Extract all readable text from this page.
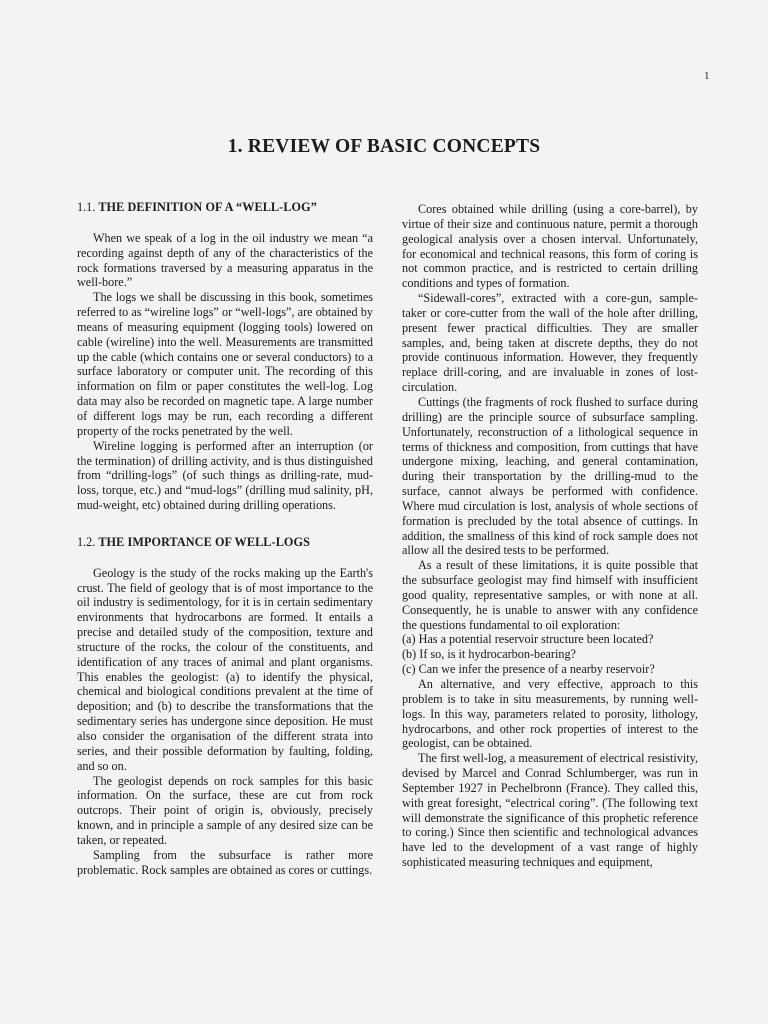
1
1. REVIEW OF BASIC CONCEPTS
1.1. THE DEFINITION OF A “WELL-LOG”

When we speak of a log in the oil industry we mean “a recording against depth of any of the characteristics of the rock formations traversed by a measuring apparatus in the well-bore.”

The logs we shall be discussing in this book, sometimes referred to as “wireline logs” or “well-logs”, are obtained by means of measuring equipment (logging tools) lowered on cable (wireline) into the well. Measurements are transmitted up the cable (which contains one or several conductors) to a surface laboratory or computer unit. The recording of this information on film or paper constitutes the well-log. Log data may also be recorded on magnetic tape. A large number of different logs may be run, each recording a different property of the rocks penetrated by the well.

Wireline logging is performed after an interruption (or the termination) of drilling activity, and is thus distinguished from “drilling-logs” (of such things as drilling-rate, mud-loss, torque, etc.) and “mud-logs” (drilling mud salinity, pH, mud-weight, etc) obtained during drilling operations.

1.2. THE IMPORTANCE OF WELL-LOGS

Geology is the study of the rocks making up the Earth's crust. The field of geology that is of most importance to the oil industry is sedimentology, for it is in certain sedimentary environments that hydrocarbons are formed. It entails a precise and detailed study of the composition, texture and structure of the rocks, the colour of the constituents, and identification of any traces of animal and plant organisms. This enables the geologist: (a) to identify the physical, chemical and biological conditions prevalent at the time of deposition; and (b) to describe the transformations that the sedimentary series has undergone since deposition. He must also consider the organisation of the different strata into series, and their possible deformation by faulting, folding, and so on.

The geologist depends on rock samples for this basic information. On the surface, these are cut from rock outcrops. Their point of origin is, obviously, precisely known, and in principle a sample of any desired size can be taken, or repeated.

Sampling from the subsurface is rather more problematic. Rock samples are obtained as cores or cuttings.

Cores obtained while drilling (using a core-barrel), by virtue of their size and continuous nature, permit a thorough geological analysis over a chosen interval. Unfortunately, for economical and technical reasons, this form of coring is not common practice, and is restricted to certain drilling conditions and types of formation.

“Sidewall-cores”, extracted with a core-gun, sample-taker or core-cutter from the wall of the hole after drilling, present fewer practical difficulties. They are smaller samples, and, being taken at discrete depths, they do not provide continuous information. However, they frequently replace drill-coring, and are invaluable in zones of lost-circulation.

Cuttings (the fragments of rock flushed to surface during drilling) are the principle source of subsurface sampling. Unfortunately, reconstruction of a lithological sequence in terms of thickness and composition, from cuttings that have undergone mixing, leaching, and general contamination, during their transportation by the drilling-mud to the surface, cannot always be performed with confidence. Where mud circulation is lost, analysis of whole sections of formation is precluded by the total absence of cuttings. In addition, the smallness of this kind of rock sample does not allow all the desired tests to be performed.

As a result of these limitations, it is quite possible that the subsurface geologist may find himself with insufficient good quality, representative samples, or with none at all. Consequently, he is unable to answer with any confidence the questions fundamental to oil exploration:

(a) Has a potential reservoir structure been located?

(b) If so, is it hydrocarbon-bearing?

(c) Can we infer the presence of a nearby reservoir?

An alternative, and very effective, approach to this problem is to take in situ measurements, by running well-logs. In this way, parameters related to porosity, lithology, hydrocarbons, and other rock properties of interest to the geologist, can be obtained.

The first well-log, a measurement of electrical resistivity, devised by Marcel and Conrad Schlumberger, was run in September 1927 in Pechelbronn (France). They called this, with great foresight, “electrical coring”. (The following text will demonstrate the significance of this prophetic reference to coring.) Since then scientific and technological advances have led to the development of a vast range of highly sophisticated measuring techniques and equipment,
